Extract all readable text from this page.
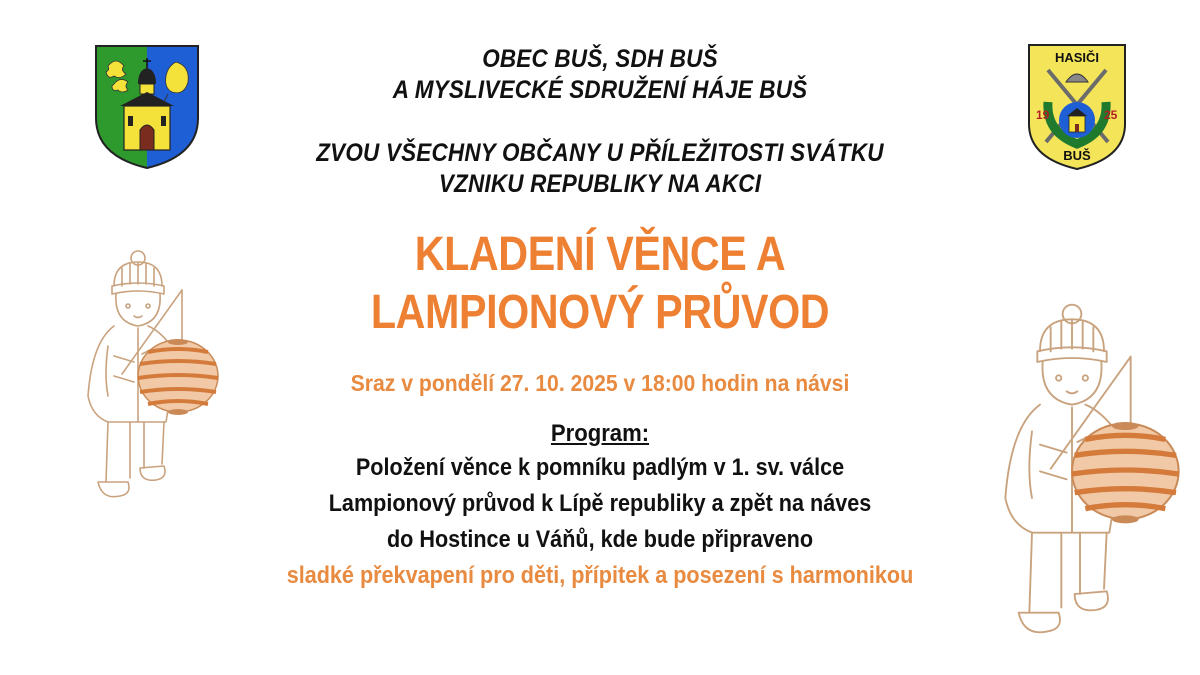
HASIČI
19	25
BUŠ
OBEC BUŠ, SDH BUŠ
A MYSLIVECKÉ SDRUŽENÍ HÁJE BUŠ
ZVOU VŠECHNY OBČANY U PŘÍLEŽITOSTI SVÁTKU
VZNIKU REPUBLIKY NA AKCI
KLADENÍ VĚNCE A
LAMPIONOVÝ PRŮVOD
Sraz v pondělí 27. 10. 2025 v 18:00 hodin na návsi
Program:
Položení věnce k pomníku padlým v 1. sv. válce
Lampionový průvod k Lípě republiky a zpět na náves
do Hostince u Váňů, kde bude připraveno
sladké překvapení pro děti, přípitek a posezení s harmonikou
